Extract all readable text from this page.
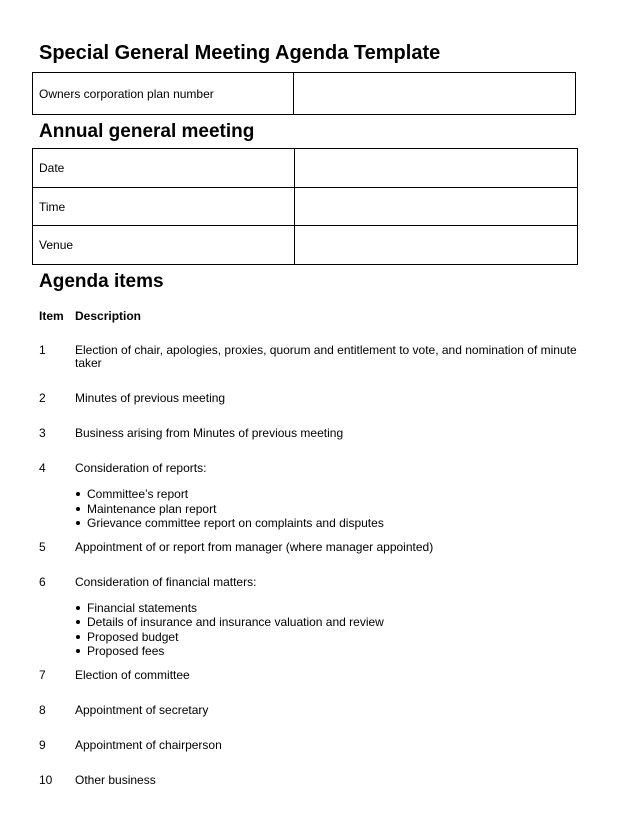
Special General Meeting Agenda Template
Owners corporation plan number	
Annual general meeting
Date	
Time	
Venue	
Agenda items
Item Description
1 Election of chair, apologies, proxies, quorum and entitlement to vote, and nomination of minute taker
2 Minutes of previous meeting
3 Business arising from Minutes of previous meeting
4 Consideration of reports:
Committee’s report
Maintenance plan report
Grievance committee report on complaints and disputes
5 Appointment of or report from manager (where manager appointed)
6 Consideration of financial matters:
Financial statements
Details of insurance and insurance valuation and review
Proposed budget
Proposed fees
7 Election of committee
8 Appointment of secretary
9 Appointment of chairperson
10 Other business
